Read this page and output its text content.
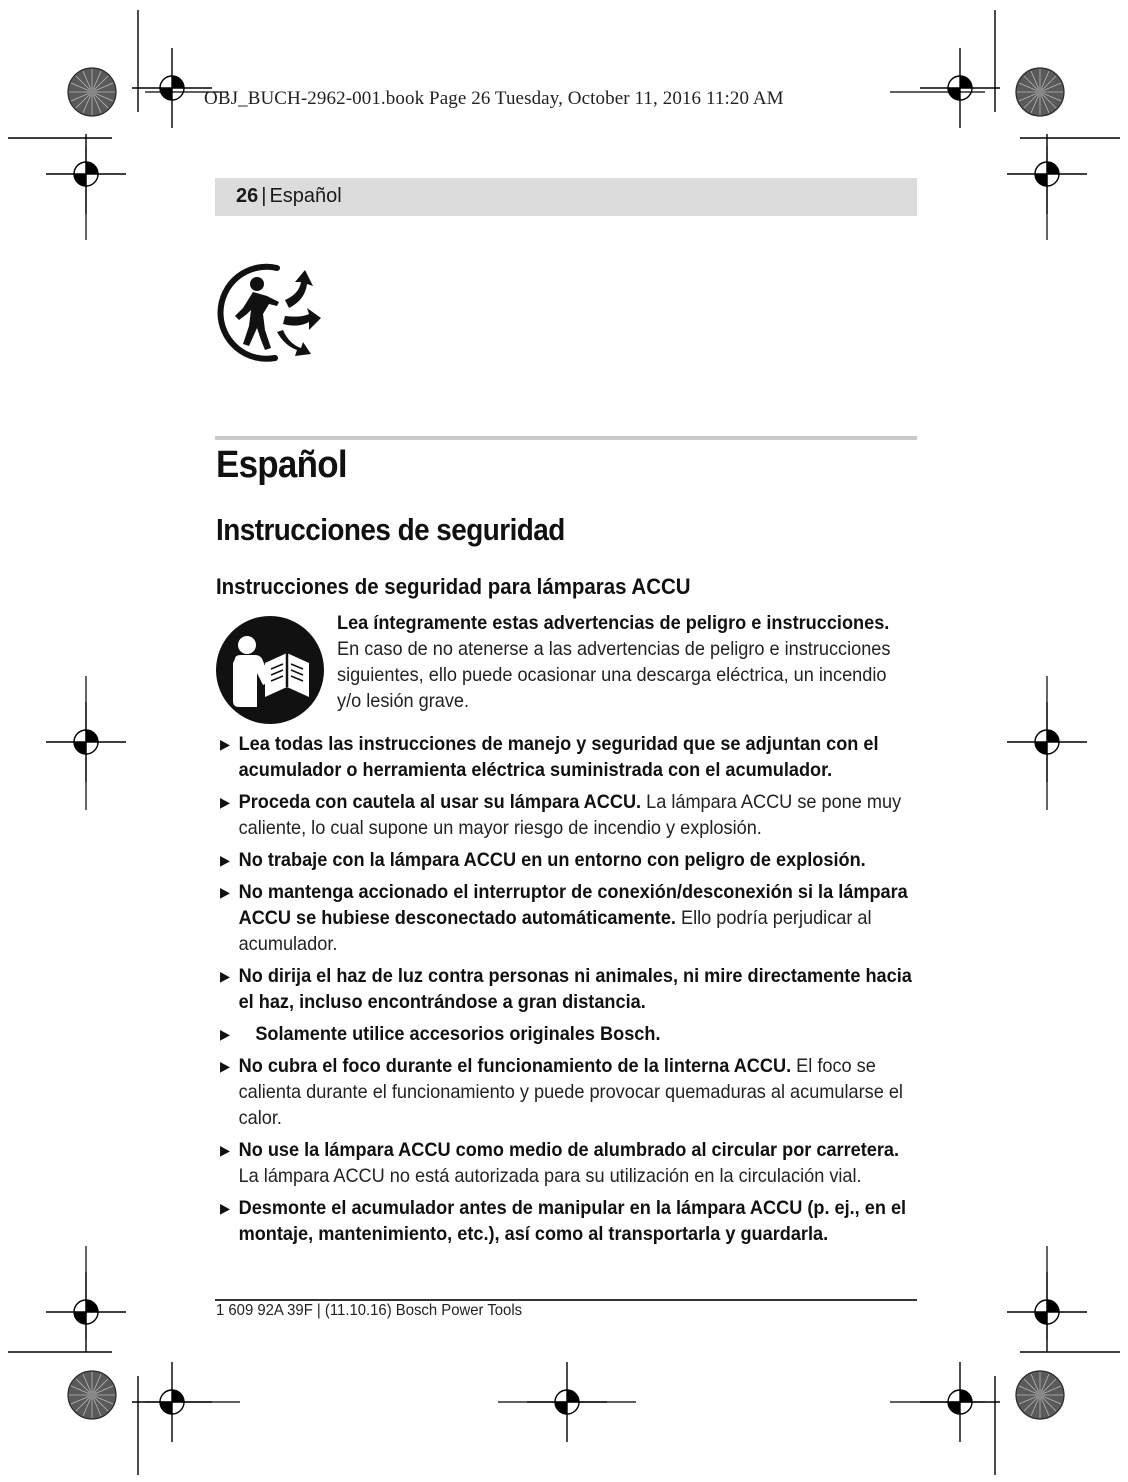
OBJ_BUCH-2962-001.book Page 26 Tuesday, October 11, 2016 11:20 AM
26 | Español
Español
Instrucciones de seguridad
Instrucciones de seguridad para lámparas ACCU
Lea íntegramente estas advertencias de peligro e instrucciones.
En caso de no atenerse a las advertencias de peligro e instrucciones siguientes, ello puede ocasionar una descarga eléctrica, un incendio y/o lesión grave.
▶ Lea todas las instrucciones de manejo y seguridad que se adjuntan con el acumulador o herramienta eléctrica suministrada con el acumulador.
▶ Proceda con cautela al usar su lámpara ACCU. La lámpara ACCU se pone muy caliente, lo cual supone un mayor riesgo de incendio y explosión.
▶ No trabaje con la lámpara ACCU en un entorno con peligro de explosión.
▶ No mantenga accionado el interruptor de conexión/desconexión si la lámpara ACCU se hubiese desconectado automáticamente. Ello podría perjudicar al acumulador.
▶ No dirija el haz de luz contra personas ni animales, ni mire directamente hacia el haz, incluso encontrándose a gran distancia.
▶ Solamente utilice accesorios originales Bosch.
▶ No cubra el foco durante el funcionamiento de la linterna ACCU. El foco se calienta durante el funcionamiento y puede provocar quemaduras al acumularse el calor.
▶ No use la lámpara ACCU como medio de alumbrado al circular por carretera. La lámpara ACCU no está autorizada para su utilización en la circulación vial.
▶ Desmonte el acumulador antes de manipular en la lámpara ACCU (p. ej., en el montaje, mantenimiento, etc.), así como al transportarla y guardarla.
1 609 92A 39F | (11.10.16) Bosch Power Tools
